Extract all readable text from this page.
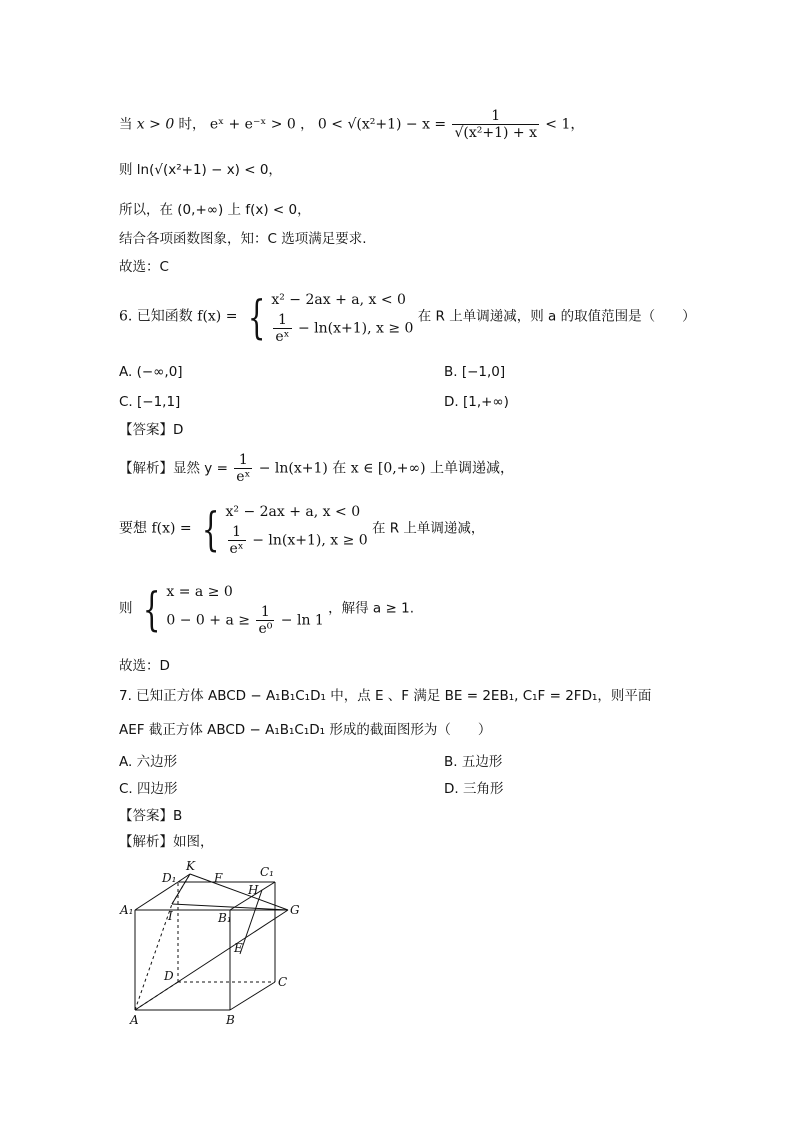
当 x > 0 时， eˣ + e⁻ˣ > 0 ， $0 < √(x^2+1) - x = \frac{1}{\text{√(x²+1) + x}} < 1$，
则 ln(√(x²+1) − x) < 0，
所以，在 (0,+∞) 上 f(x) < 0，
结合各项函数图象，知：C 选项满足要求.
故选：C
6. 已知函数 f(x) = { x² − 2ax + a, x < 0
$\frac{1}{\text{eˣ}} - \ln(x+1)$, x ≥ 0
在 R 上单调递减，则 a 的取值范围是（　　）
A. (−∞,0]	B. [−1,0]
C. [−1,1]	D. [1,+∞)
【答案】D
【解析】显然 $y = \frac{1}{\text{eˣ}} - \ln(x+1)$ 在 x ∈ [0,+∞) 上单调递减，
要想 f(x) = { x² − 2ax + a, x < 0
$\frac{1}{\text{eˣ}} - \ln(x+1)$, x ≥ 0
在 R 上单调递减，
则 { x = a ≥ 0
$0 - 0 + a \ge \frac{1}{\text{e⁰}} - \ln 1$
，解得 a ≥ 1.
故选：D
7. 已知正方体 ABCD − A₁B₁C₁D₁ 中，点 E 、F 满足 BE = 2EB₁, C₁F = 2FD₁，则平面
AEF 截正方体 ABCD − A₁B₁C₁D₁ 形成的截面图形为（　　）
A. 六边形	B. 五边形
C. 四边形	D. 三角形
【答案】B
【解析】如图，
K
D₁	F	C₁
H
A₁	I	B₁
G
E
D	C
A	B
